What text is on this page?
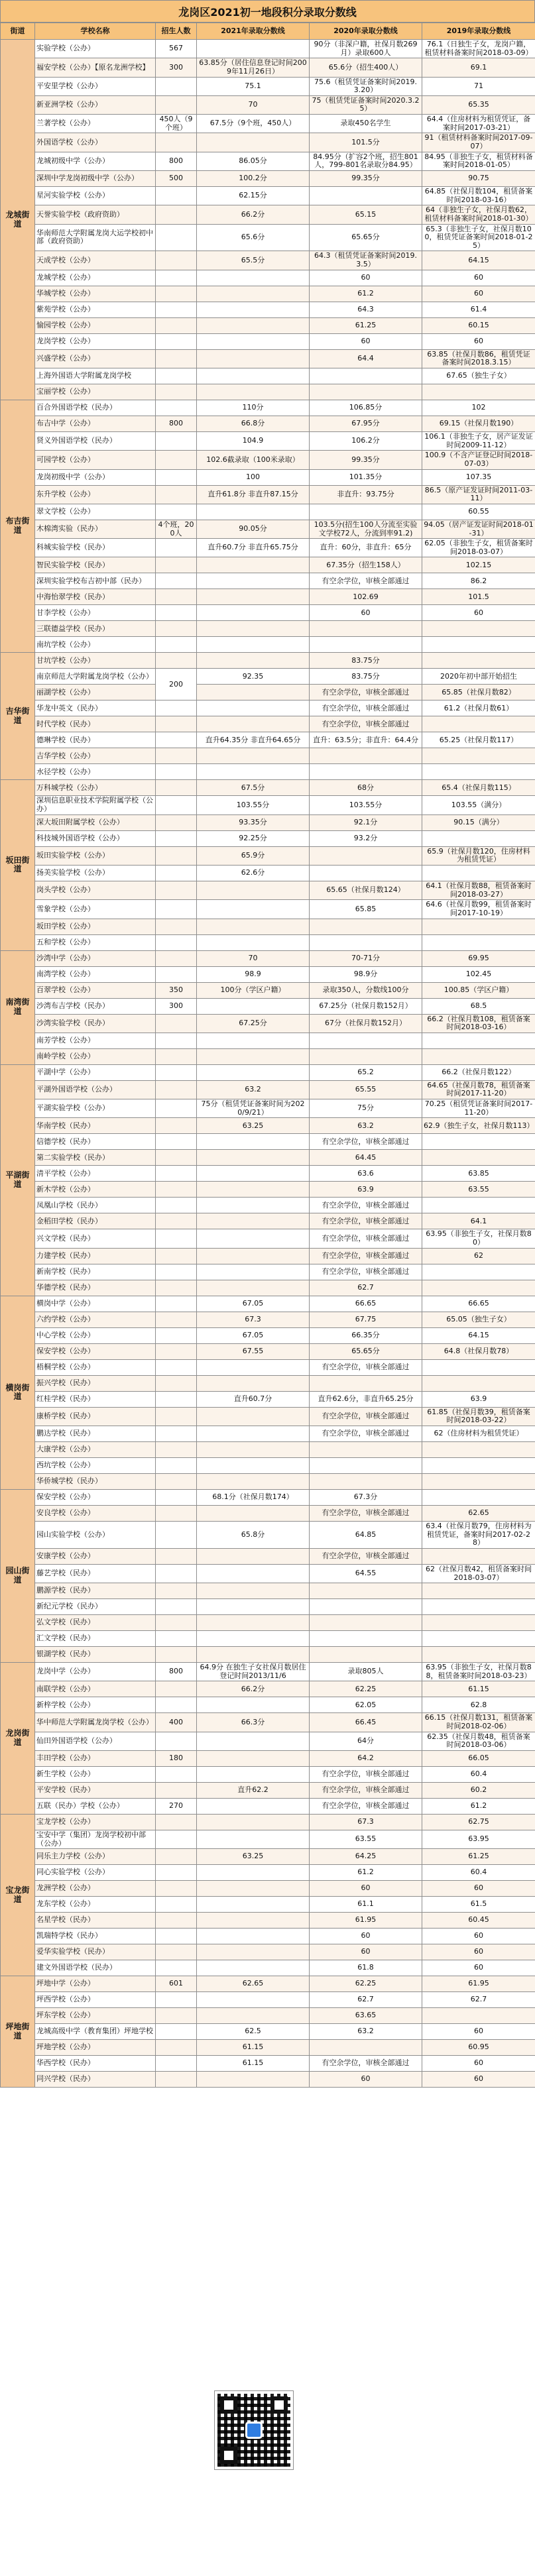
龙岗区2021初一地段积分录取分数线
街道	学校名称	招生人数	2021年录取分数线	2020年录取分数线	2019年录取分数线
龙城街道	实验学校（公办）	567		90分（非深户籍，社保月数269月）录取600人	76.1（日独生子女，龙岗户籍，租赁材料备案时间2018-03-09）
	福安学校（公办）【原名龙洲学校】	300	63.85分（居住信息登记时间2009年11月26日）	65.6分（招生400人）	69.1
	平安里学校（公办）		75.1	75.6（租赁凭证备案时间2019.3.20）	71
	新亚洲学校（公办）		70	75（租赁凭证备案时间2020.3.25）	65.35
	兰著学校（公办）	450人（9个班）	67.5分（9个班，450人）	录取450名学生	64.4（住房材料为租赁凭证，备案时间2017-03-21）
	外国语学校（公办）			101.5分	91（租赁材料备案时间2017-09-07）
	龙城初级中学（公办）	800	86.05分	84.95分（扩容2个班，招生801人，799-801名录取分84.95）	84.95（非独生子女，租赁材料备案时间2018-01-05）
	深圳中学龙岗初级中学（公办）	500	100.2分	99.35分	90.75
	星河实验学校（公办）		62.15分		64.85（社保月数104，租赁备案时间2018-03-16）
	天誉实验学校（政府资助）		66.2分	65.15	64（非独生子女，社保月数62，租赁材料备案时间2018-01-30）
	华南师范大学附属龙岗大运学校初中部（政府资助）		65.6分	65.65分	65.3（非独生子女，社保月数100，租赁凭证备案时间2018-01-25）
	天成学校（公办）		65.5分	64.3（租赁凭证备案时间2019.3.5）	64.15
	龙城学校（公办）			60	60
	华城学校（公办）			61.2	60
	紫苑学校（公办）			64.3	61.4
	愉园学校（公办）			61.25	60.15
	龙岗学校（公办）			60	60
	兴盛学校（公办）			64.4	63.85（社保月数86，租赁凭证备案时间2018.3.15）
	上海外国语大学附属龙岗学校				67.65（独生子女）
	宝丽学校（公办）				
布吉街道	百合外国语学校（民办）		110分	106.85分	102
	布吉中学（公办）	800	66.8分	67.95分	69.15（社保月数190）
	贤义外国语学校（民办）		104.9	106.2分	106.1（非独生子女，居产证发证时间2009-11-12）
	可园学校（公办）		102.6截录取（100米录取）	99.35分	100.9（不含产证登记时间2018-07-03）
	龙岗初级中学（公办）		100	101.35分	107.35
	东升学校（公办）		直升61.8分 非直升87.15分	非直升：93.75分	86.5（原产证发证时间2011-03-11）
	翠文学校（公办）				60.55
	木棉湾实验（民办）	4个班，200人	90.05分	103.5分(招生100人分流至实验文学校72人，分流到率91.2)	94.05（居产证发证时间2018-01-31）
	科城实验学校（民办）		直升60.7分 非直升65.75分	直升：60分，非直升：65分	62.05（非独生子女，租赁备案时间2018-03-07）
	智民实验学校（民办）			67.35分（招生158人）	102.15
	深圳实验学校布吉初中部（民办）			有空余学位，审核全部通过	86.2
	中海怡翠学校（民办）			102.69	101.5
	甘李学校（公办）			60	60
	三联德益学校（民办）				
	南坑学校（公办）				
吉华街道	甘坑学校（公办）			83.75分	
	南京师范大学附属龙岗学校（公办）	200	92.35	83.75分	2020年初中部开始招生
	丽湖学校（公办）			有空余学位，审核全部通过	65.85（社保月数82）
	华龙中英文（民办）			有空余学位，审核全部通过	61.2（社保月数61）
	时代学校（民办）			有空余学位，审核全部通过	
	德琳学校（民办）		直升64.35分 非直升64.65分	直升：63.5分；非直升：64.4分	65.25（社保月数117）
	吉华学校（公办）				
	水径学校（公办）				
坂田街道	万科城学校（公办）		67.5分	68分	65.4（社保月数115）
	深圳信息职业技术学院附属学校（公办）		103.55分	103.55分	103.55（满分）
	深大坂田附属学校（公办）		93.35分	92.1分	90.15（满分）
	科技城外国语学校（公办）		92.25分	93.2分	
	坂田实验学校（公办）		65.9分		65.9（社保月数120，住房材料为租赁凭证）
	扬美实验学校（公办）		62.6分		
	岗头学校（公办）			65.65（社保月数124）	64.1（社保月数88，租赁备案时间2018-03-27）
	雪象学校（公办）			65.85	64.6（社保月数99，租赁备案时间2017-10-19）
	坂田学校（公办）				
	五和学校（公办）				
南湾街道	沙湾中学（公办）		70	70-71分	69.95
	南湾学校（公办）		98.9	98.9分	102.45
	百翠学校（公办）	350	100分（学区户籍）	录取350人，分数线100分	100.85（学区户籍）
	沙湾布吉学校（民办）	300		67.25分（社保月数152月）	68.5
	沙湾实验学校（民办）		67.25分	67分（社保月数152月）	66.2（社保月数108，租赁备案时间2018-03-16）
	南芳学校（公办）				
	南岭学校（公办）				
平湖街道	平湖中学（公办）			65.2	66.2（社保月数122）
	平湖外国语学校（公办）		63.2	65.55	64.65（社保月数78，租赁备案时间2017-11-20）
	平湖实验学校（公办）		75分（租赁凭证备案时间为2020/9/21）	75分	70.25（租赁凭证备案时间2017-11-20）
	华南学校（民办）		63.25	63.2	62.9（独生子女，社保月数113）
	信德学校（民办）			有空余学位，审核全部通过	
	第二实验学校（民办）			64.45	
	清平学校（公办）			63.6	63.85
	新木学校（公办）			63.9	63.55
	凤凰山学校（民办）			有空余学位，审核全部通过	
	金稻田学校（民办）			有空余学位，审核全部通过	64.1
	兴文学校（民办）			有空余学位，审核全部通过	63.95（非独生子女，社保月数80）
	力建学校（民办）			有空余学位，审核全部通过	62
	新南学校（民办）			有空余学位，审核全部通过	
	华德学校（民办）			62.7	
横岗街道	横岗中学（公办）		67.05	66.65	66.65
	六约学校（公办）		67.3	67.75	65.05（独生子女）
	中心学校（公办）		67.05	66.35分	64.15
	保安学校（公办）		67.55	65.65分	64.8（社保月数78）
	梧桐学校（公办）			有空余学位，审核全部通过	
	振兴学校（民办）				
	红桂学校（民办）		直升60.7分	直升62.6分，非直升65.25分	63.9
	康桥学校（民办）			有空余学位，审核全部通过	61.85（社保月数39，租赁备案时间2018-03-22）
	鹏达学校（民办）			有空余学位，审核全部通过	62（住房材料为租赁凭证）
	大康学校（公办）				
	西坑学校（公办）				
	华侨城学校（民办）				
园山街道	保安学校（公办）		68.1分（社保月数174）	67.3分	
	安良学校（公办）			有空余学位，审核全部通过	62.65
	园山实验学校（公办）		65.8分	64.85	63.4（社保月数79，住房材料为租赁凭证，备案时间2017-02-28）
	安康学校（公办）			有空余学位，审核全部通过	
	藤艺学校（民办）			64.55	62（社保月数42，租赁备案时间2018-03-07）
	鹏源学校（民办）				
	新纪元学校（民办）				
	弘文学校（民办）				
	汇文学校（民办）				
	银湖学校（民办）				
龙岗街道	龙岗中学（公办）	800	64.9分 在独生子女社保月数居住登记时间2013/11/6	录取805人	63.95（非独生子女，社保月数88，租赁备案时间2018-03-23）
	南联学校（公办）		66.2分	62.25	61.15
	新梓学校（公办）			62.05	62.8
	华中师范大学附属龙岗学校（公办）	400	66.3分	66.45	66.15（社保月数131，租赁备案时间2018-02-06）
	仙田外国语学校（公办）			64分	62.35（社保月数48，租赁备案时间2018-03-06）
	丰田学校（公办）	180		64.2	66.05
	新生学校（公办）			有空余学位，审核全部通过	60.4
	平安学校（民办）		直升62.2	有空余学位，审核全部通过	60.2
	五联（民办）学校（公办）	270		有空余学位，审核全部通过	61.2
宝龙街道	宝龙学校（公办）			67.3	62.75
	宝安中学（集团）龙岗学校初中部（公办）			63.55	63.95
	同乐主力学校（公办）		63.25	64.25	61.25
	同心实验学校（公办）			61.2	60.4
	龙洲学校（公办）			60	60
	龙东学校（公办）			61.1	61.5
	名星学校（民办）			61.95	60.45
	凯瑞特学校（民办）			60	60
	爱华实验学校（民办）			60	60
	建文外国语学校（民办）			61.8	60
坪地街道	坪地中学（公办）	601	62.65	62.25	61.95
	坪西学校（公办）			62.7	62.7
	坪东学校（公办）			63.65	
	龙城高级中学（教育集团）坪地学校		62.5	63.2	60
	坪地学校（公办）		61.15		60.95
	华西学校（民办）		61.15	有空余学位，审核全部通过	60
	同兴学校（民办）			60	60
